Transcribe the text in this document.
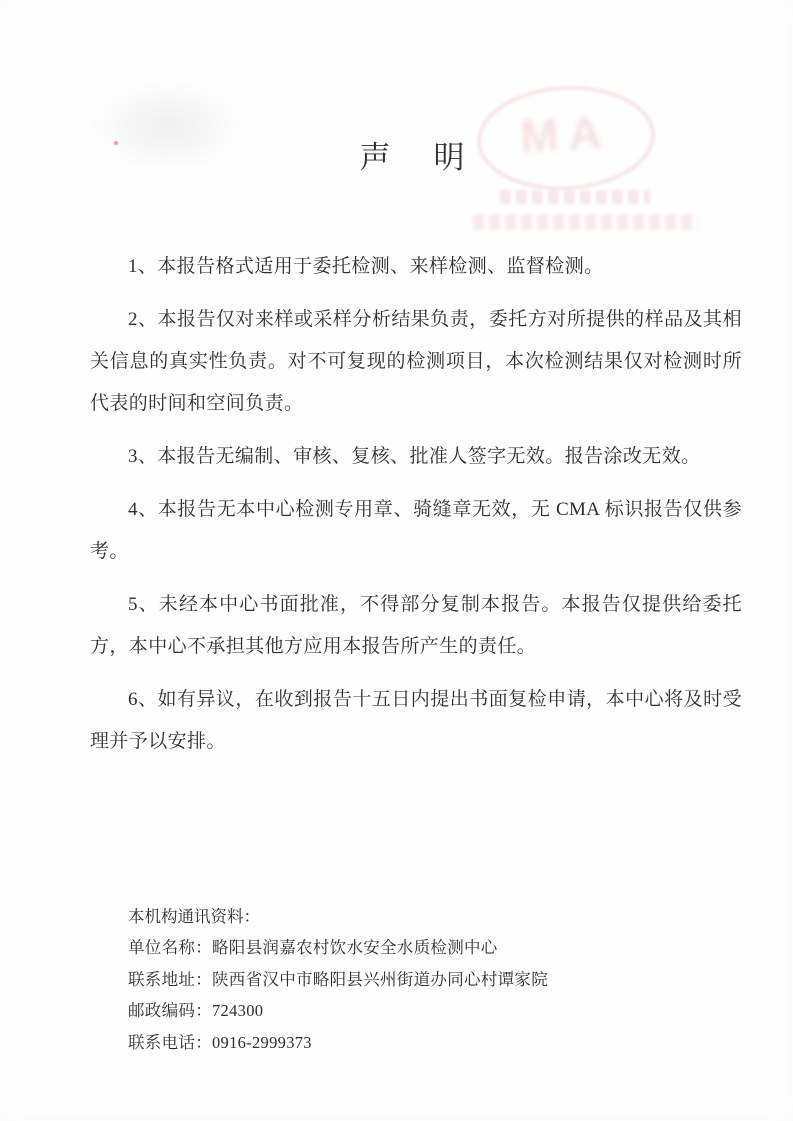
MA
声　明

1、本报告格式适用于委托检测、来样检测、监督检测。

2、本报告仅对来样或采样分析结果负责，委托方对所提供的样品及其相关信息的真实性负责。对不可复现的检测项目，本次检测结果仅对检测时所代表的时间和空间负责。

3、本报告无编制、审核、复核、批准人签字无效。报告涂改无效。

4、本报告无本中心检测专用章、骑缝章无效，无 CMA 标识报告仅供参考。

5、未经本中心书面批准，不得部分复制本报告。本报告仅提供给委托方，本中心不承担其他方应用本报告所产生的责任。

6、如有异议，在收到报告十五日内提出书面复检申请，本中心将及时受理并予以安排。

本机构通讯资料：
单位名称：略阳县润嘉农村饮水安全水质检测中心
联系地址：陕西省汉中市略阳县兴州街道办同心村谭家院
邮政编码：724300
联系电话：0916-2999373
